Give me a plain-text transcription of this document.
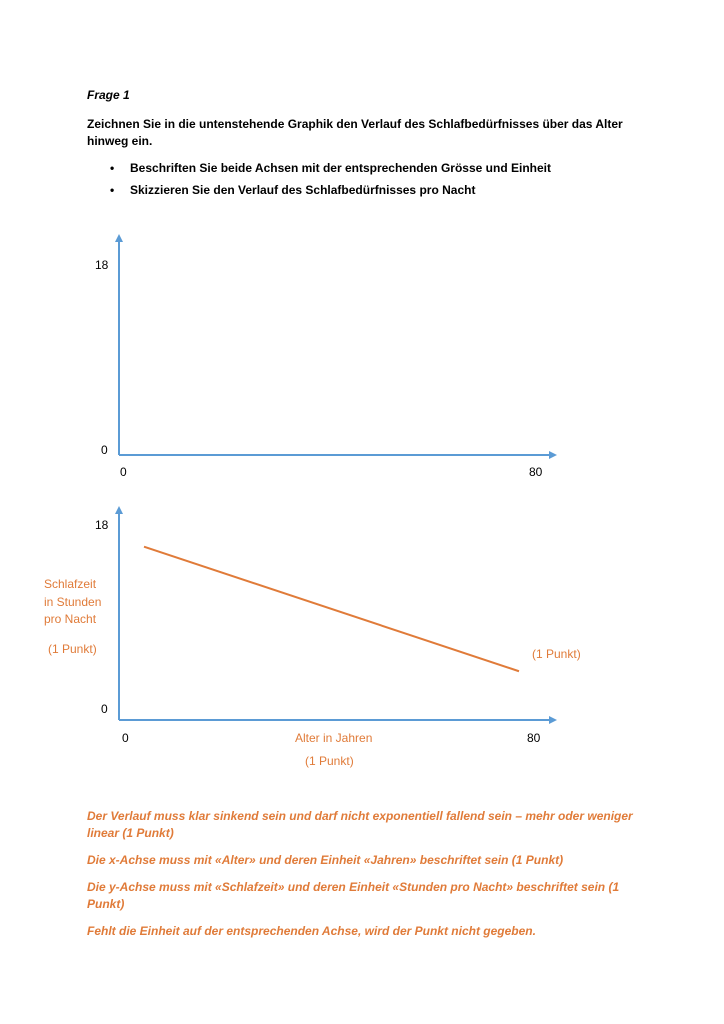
Frage 1

Zeichnen Sie in die untenstehende Graphik den Verlauf des Schlafbedürfnisses über das Alter hinweg ein.

• Beschriften Sie beide Achsen mit der entsprechenden Grösse und Einheit
• Skizzieren Sie den Verlauf des Schlafbedürfnisses pro Nacht
18
0
0	80
18
0
0	80
Schlafzeit
in Stunden
pro Nacht
(1 Punkt)	(1 Punkt)
Alter in Jahren
(1 Punkt)

Der Verlauf muss klar sinkend sein und darf nicht exponentiell fallend sein – mehr oder weniger linear (1 Punkt)

Die x-Achse muss mit «Alter» und deren Einheit «Jahren» beschriftet sein (1 Punkt)

Die y-Achse muss mit «Schlafzeit» und deren Einheit «Stunden pro Nacht» beschriftet sein (1 Punkt)

Fehlt die Einheit auf der entsprechenden Achse, wird der Punkt nicht gegeben.
